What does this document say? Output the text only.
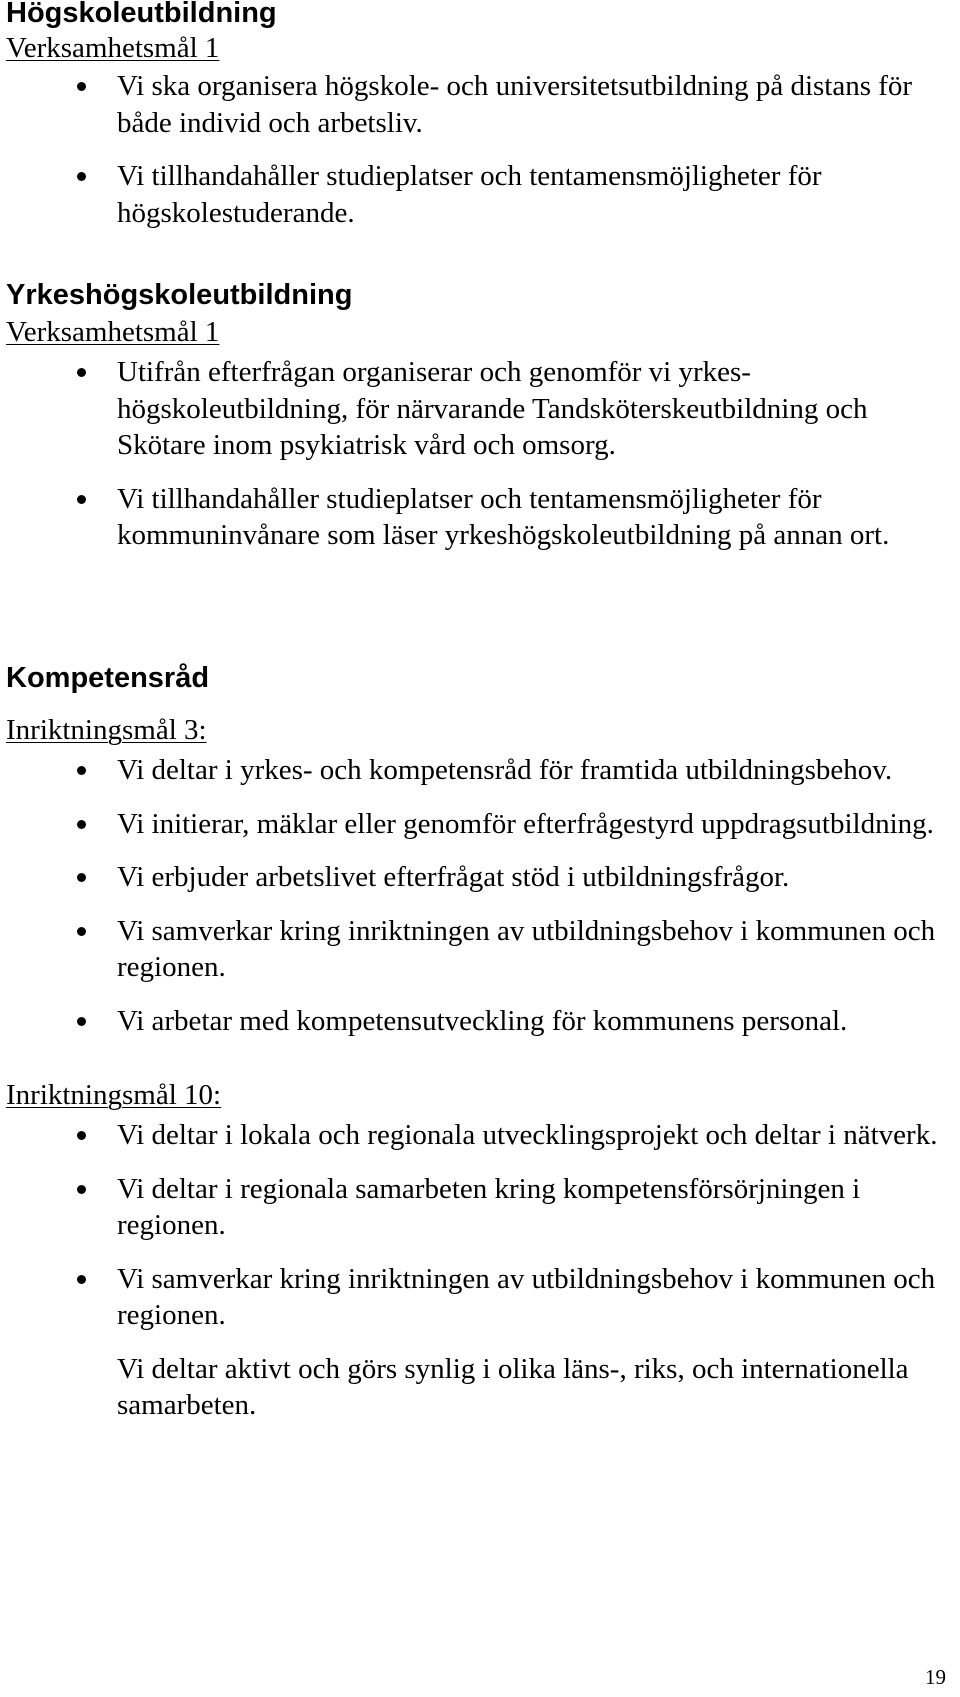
Högskoleutbildning

Verksamhetsmål 1

Vi ska organisera högskole- och universitetsutbildning på distans för både individ och arbetsliv.
Vi tillhandahåller studieplatser och tentamensmöjligheter för högskolestuderande.
Yrkeshögskoleutbildning

Verksamhetsmål 1

Utifrån efterfrågan organiserar och genomför vi yrkes-högskoleutbildning, för närvarande Tandsköterskeutbildning och Skötare inom psykiatrisk vård och omsorg.
Vi tillhandahåller studieplatser och tentamensmöjligheter för kommuninvånare som läser yrkeshögskoleutbildning på annan ort.
Kompetensråd

Inriktningsmål 3:

Vi deltar i yrkes- och kompetensråd för framtida utbildningsbehov.
Vi initierar, mäklar eller genomför efterfrågestyrd uppdragsutbildning.
Vi erbjuder arbetslivet efterfrågat stöd i utbildningsfrågor.
Vi samverkar kring inriktningen av utbildningsbehov i kommunen och regionen.
Vi arbetar med kompetensutveckling för kommunens personal.

Inriktningsmål 10:

Vi deltar i lokala och regionala utvecklingsprojekt och deltar i nätverk.
Vi deltar i regionala samarbeten kring kompetensförsörjningen i regionen.
Vi samverkar kring inriktningen av utbildningsbehov i kommunen och regionen.
Vi deltar aktivt och görs synlig i olika läns-, riks, och internationella samarbeten.
19
